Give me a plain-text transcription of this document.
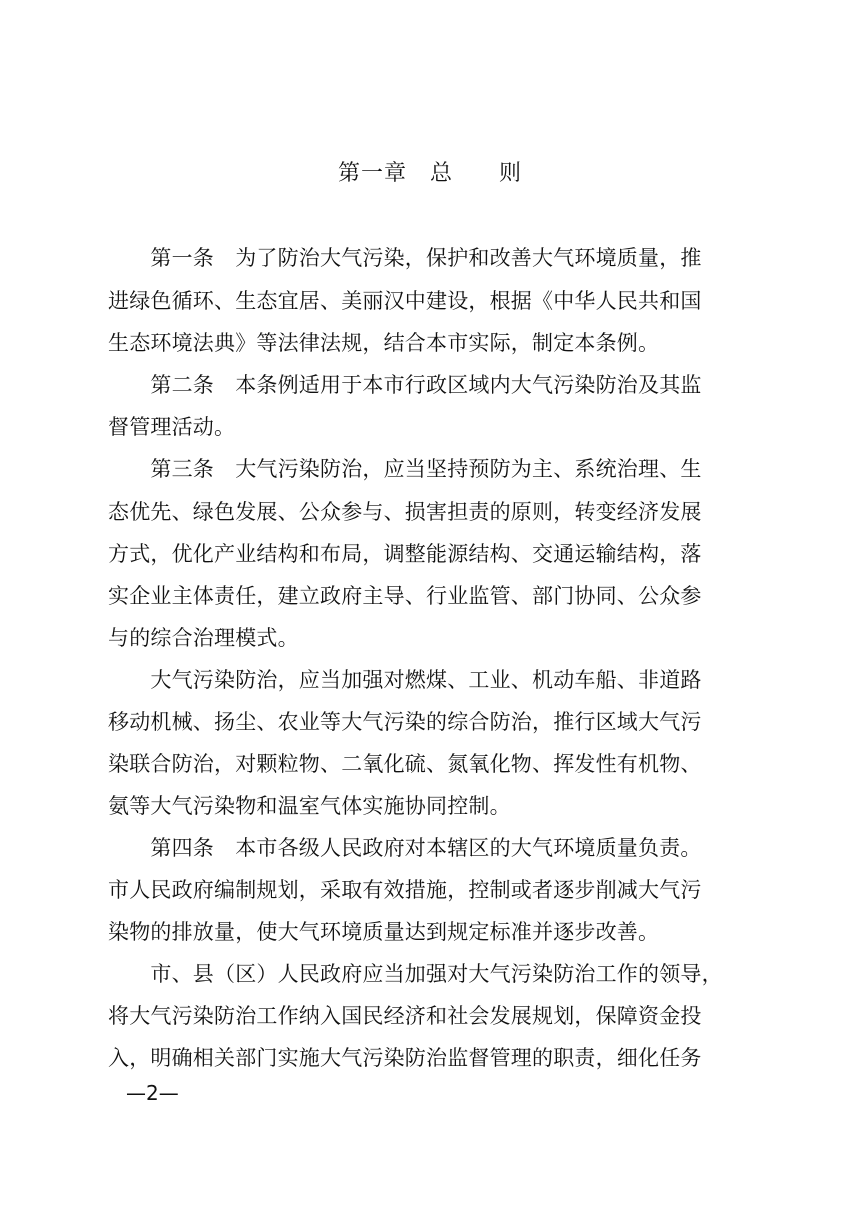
第一章　总　　则
　　第一条　为了防治大气污染，保护和改善大气环境质量，推
进绿色循环、生态宜居、美丽汉中建设，根据《中华人民共和国
生态环境法典》等法律法规，结合本市实际，制定本条例。
　　第二条　本条例适用于本市行政区域内大气污染防治及其监
督管理活动。
　　第三条　大气污染防治，应当坚持预防为主、系统治理、生
态优先、绿色发展、公众参与、损害担责的原则，转变经济发展
方式，优化产业结构和布局，调整能源结构、交通运输结构，落
实企业主体责任，建立政府主导、行业监管、部门协同、公众参
与的综合治理模式。
　　大气污染防治，应当加强对燃煤、工业、机动车船、非道路
移动机械、扬尘、农业等大气污染的综合防治，推行区域大气污
染联合防治，对颗粒物、二氧化硫、氮氧化物、挥发性有机物、
氨等大气污染物和温室气体实施协同控制。
　　第四条　本市各级人民政府对本辖区的大气环境质量负责。
市人民政府编制规划，采取有效措施，控制或者逐步削减大气污
染物的排放量，使大气环境质量达到规定标准并逐步改善。
　　市、县（区）人民政府应当加强对大气污染防治工作的领导，
将大气污染防治工作纳入国民经济和社会发展规划，保障资金投
入，明确相关部门实施大气污染防治监督管理的职责，细化任务
—2—
